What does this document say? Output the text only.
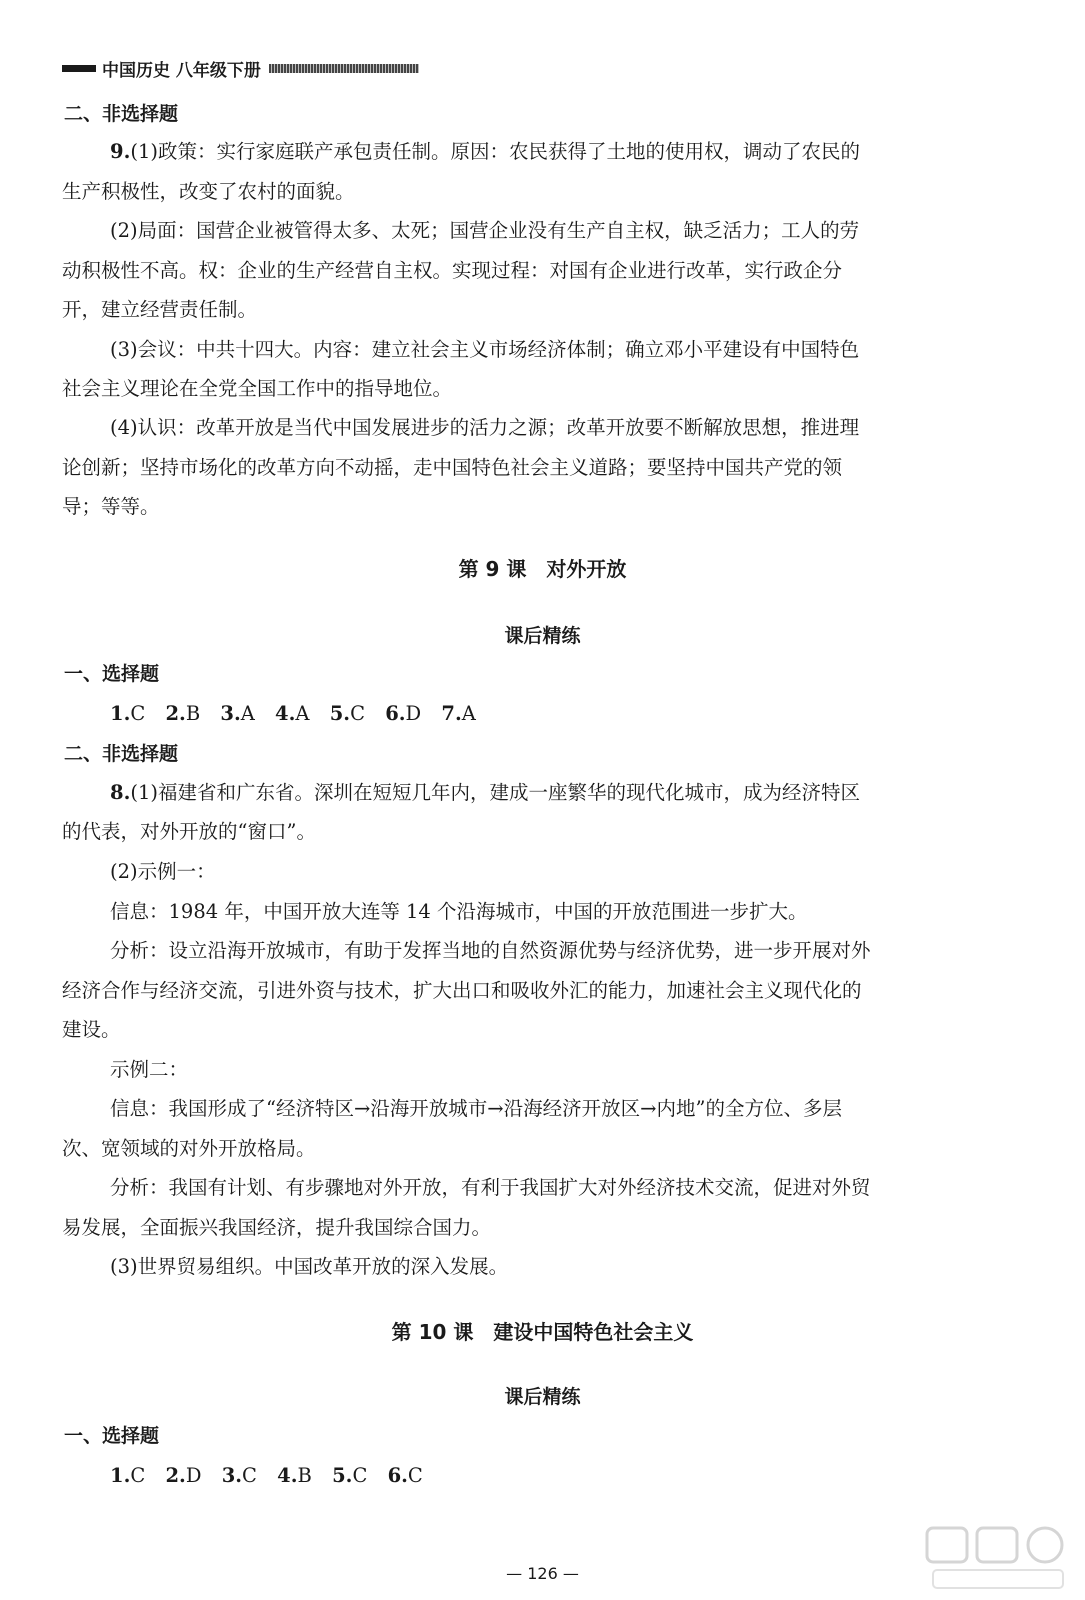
中国历史 八年级下册
二、非选择题
9.(1)政策：实行家庭联产承包责任制。原因：农民获得了土地的使用权，调动了农民的
生产积极性，改变了农村的面貌。
(2)局面：国营企业被管得太多、太死；国营企业没有生产自主权，缺乏活力；工人的劳
动积极性不高。权：企业的生产经营自主权。实现过程：对国有企业进行改革，实行政企分
开，建立经营责任制。
(3)会议：中共十四大。内容：建立社会主义市场经济体制；确立邓小平建设有中国特色
社会主义理论在全党全国工作中的指导地位。
(4)认识：改革开放是当代中国发展进步的活力之源；改革开放要不断解放思想，推进理
论创新；坚持市场化的改革方向不动摇，走中国特色社会主义道路；要坚持中国共产党的领
导；等等。
第 9 课　对外开放
课后精练
一、选择题
1.C 2.B 3.A 4.A 5.C 6.D 7.A
二、非选择题
8.(1)福建省和广东省。深圳在短短几年内，建成一座繁华的现代化城市，成为经济特区
的代表，对外开放的“窗口”。
(2)示例一：
信息：1984 年，中国开放大连等 14 个沿海城市，中国的开放范围进一步扩大。
分析：设立沿海开放城市，有助于发挥当地的自然资源优势与经济优势，进一步开展对外
经济合作与经济交流，引进外资与技术，扩大出口和吸收外汇的能力，加速社会主义现代化的
建设。
示例二：
信息：我国形成了“经济特区→沿海开放城市→沿海经济开放区→内地”的全方位、多层
次、宽领域的对外开放格局。
分析：我国有计划、有步骤地对外开放，有利于我国扩大对外经济技术交流，促进对外贸
易发展，全面振兴我国经济，提升我国综合国力。
(3)世界贸易组织。中国改革开放的深入发展。
第 10 课　建设中国特色社会主义
课后精练
一、选择题
1.C 2.D 3.C 4.B 5.C 6.C
— 126 —
